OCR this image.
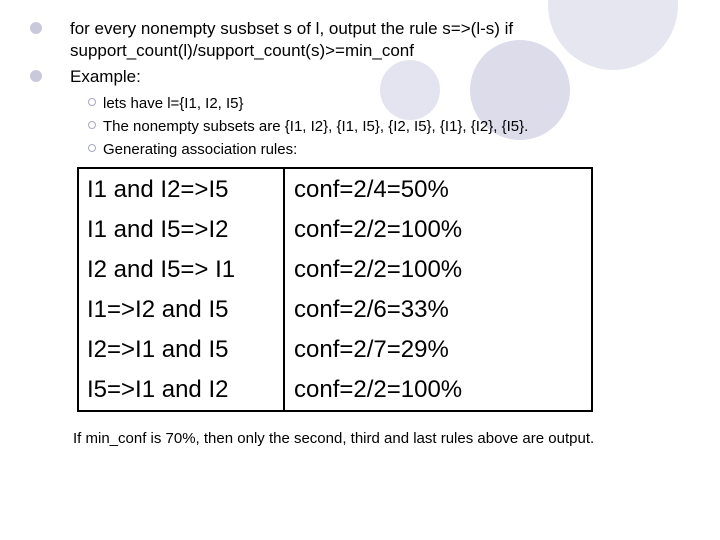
for every nonempty susbset s of l, output the rule s=>(l-s) if support_count(l)/support_count(s)>=min_conf
Example:
lets have l={I1, I2, I5}
The nonempty subsets are {I1, I2}, {I1, I5}, {I2, I5}, {I1}, {I2}, {I5}.
Generating association rules:
I1 and I2=>I5	conf=2/4=50%
I1 and I5=>I2	conf=2/2=100%
I2 and I5=> I1 conf=2/2=100%
I1=>I2 and I5	conf=2/6=33%
I2=>I1 and I5	conf=2/7=29%
I5=>I1 and I2	conf=2/2=100%
If min_conf is 70%, then only the second, third and last rules above are output.
